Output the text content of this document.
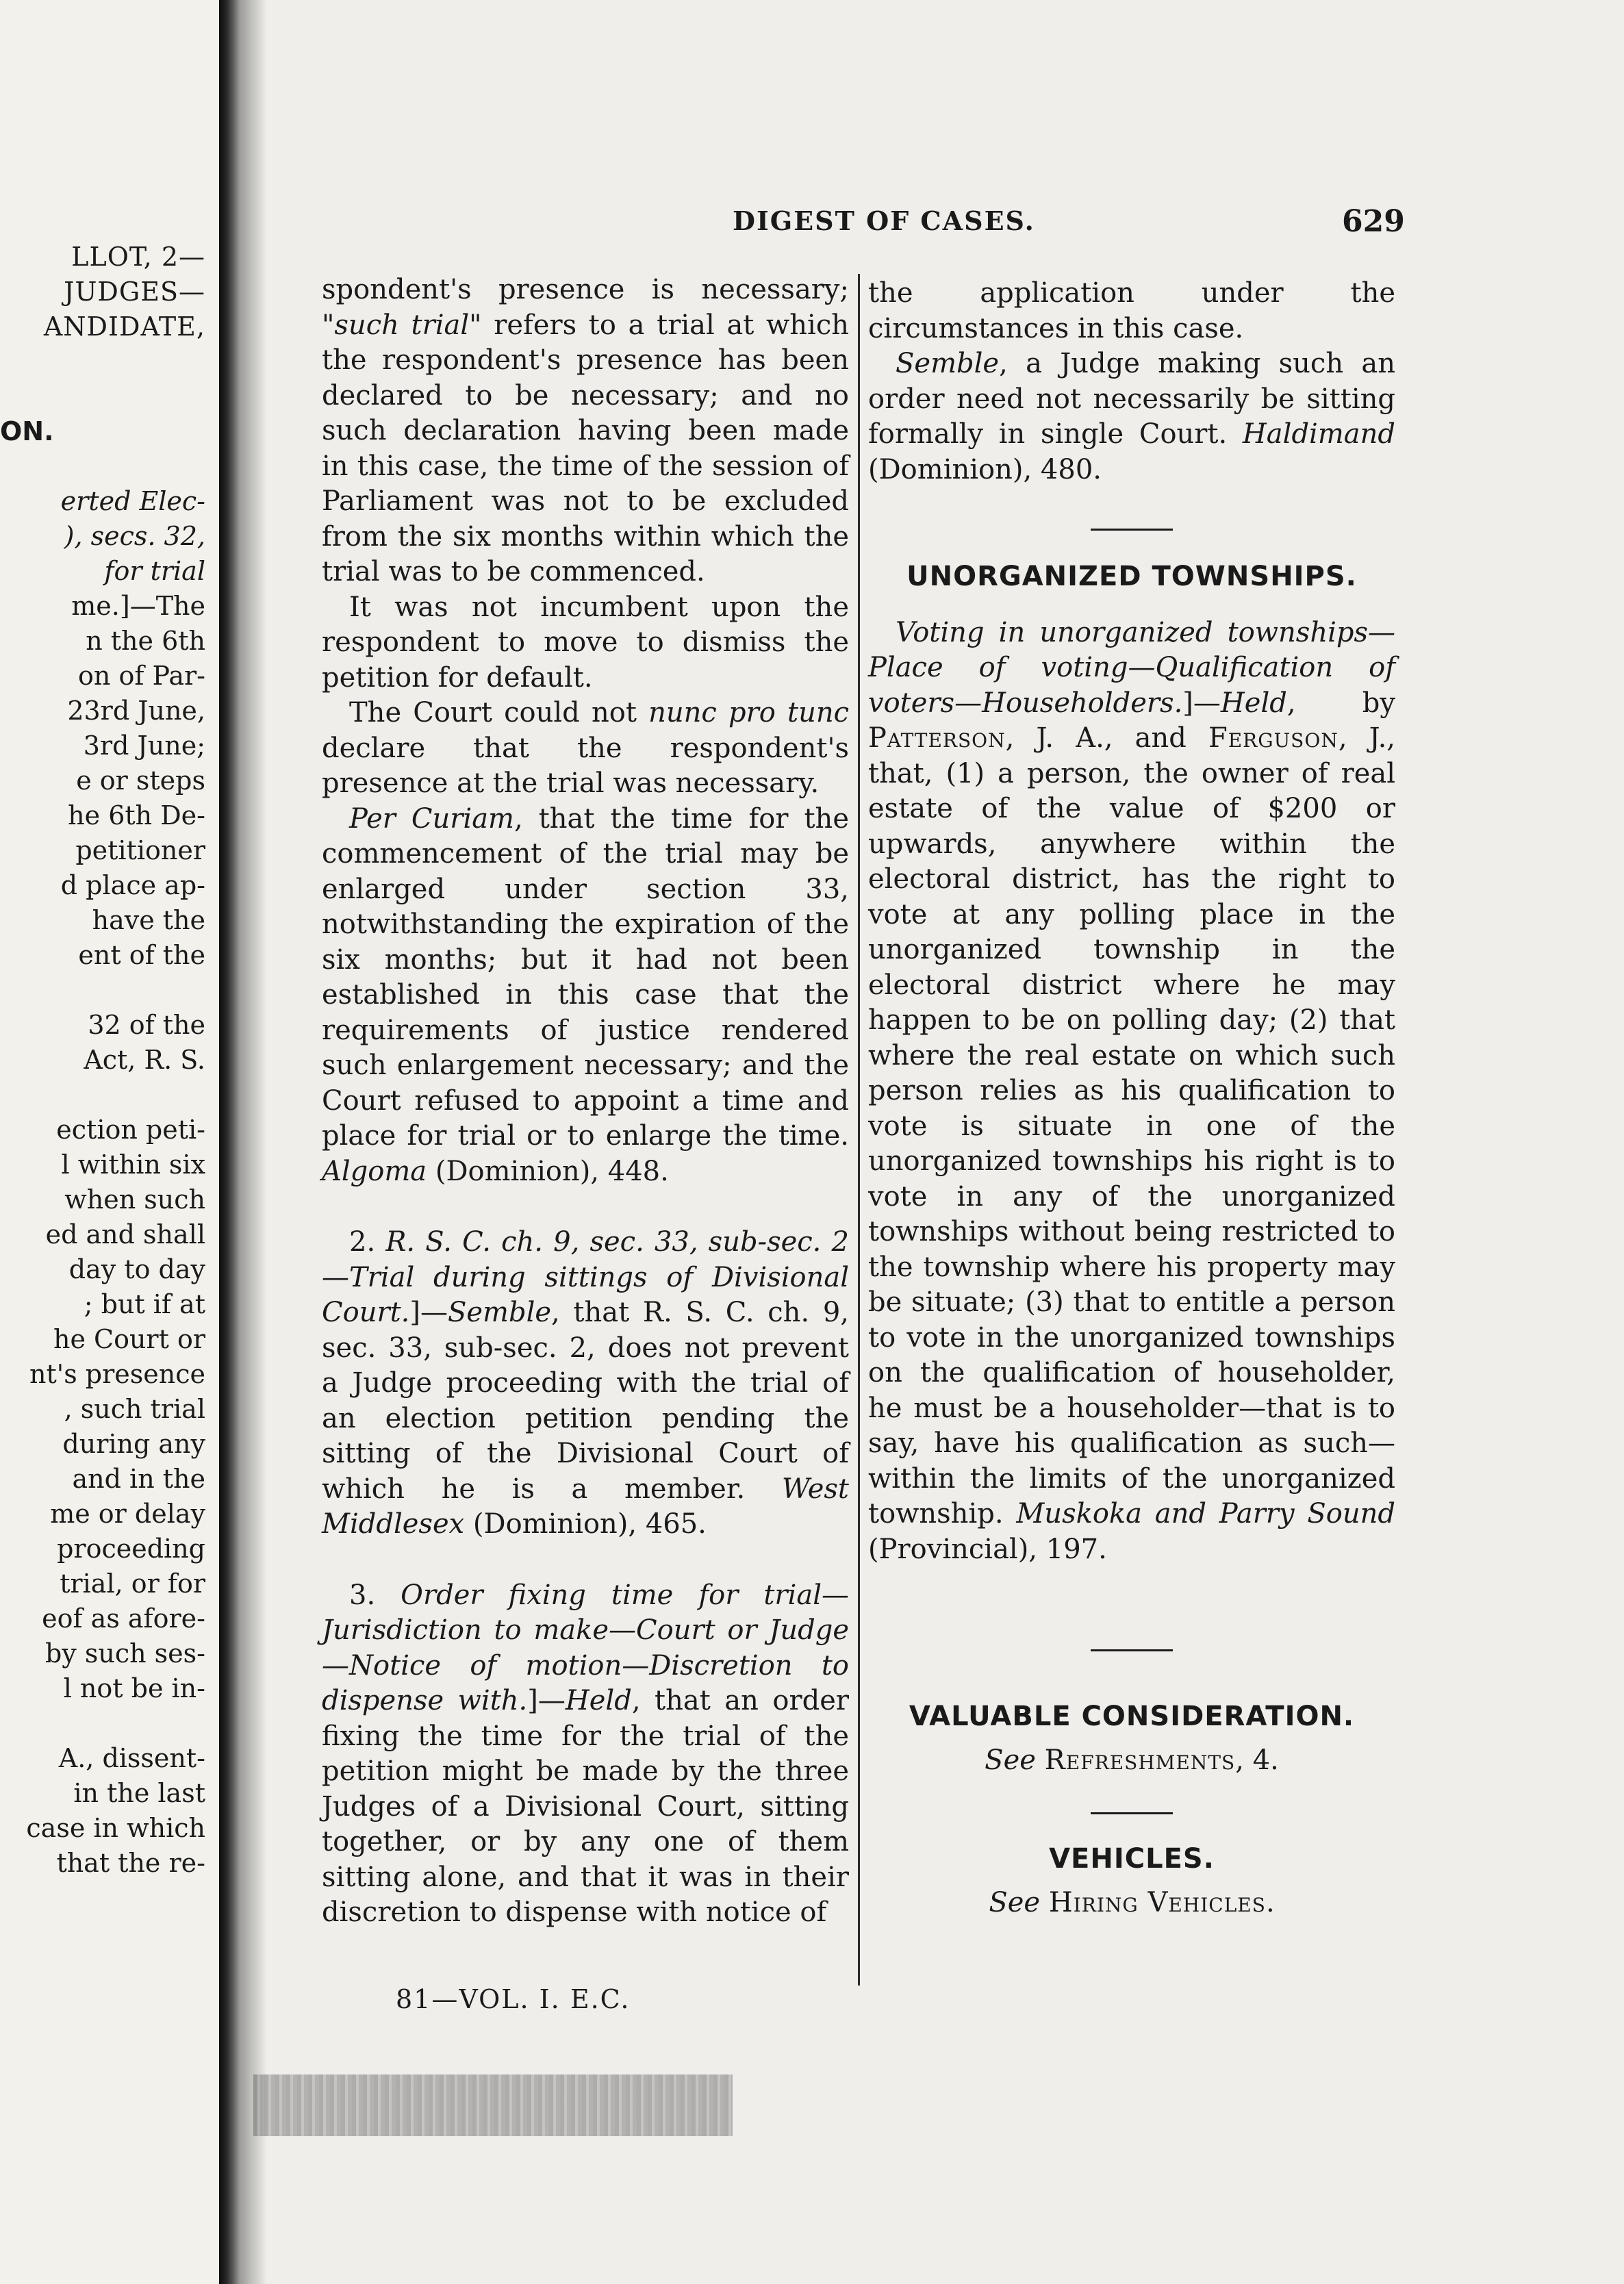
LLOT, 2—
JUDGES—
ANDIDATE,

ON.

erted Elec-
), secs. 32,
for trial
me.]—The
n the 6th
on of Par-
23rd June,
3rd June;
e or steps
he 6th De-
petitioner
d place ap-
have the
ent of the

32 of the
Act, R. S.

ection peti-
l within six
when such
ed and shall
day to day
; but if at
he Court or
nt's presence
, such trial
during any
and in the
me or delay
proceeding
trial, or for
eof as afore-
by such ses-
l not be in-

A., dissent-
in the last
case in which
that the re-
DIGEST OF CASES.	629

spondent's presence is necessary; "such trial" refers to a trial at which the respondent's presence has been declared to be necessary; and no such declaration having been made in this case, the time of the session of Parliament was not to be excluded from the six months within which the trial was to be commenced.

It was not incumbent upon the respondent to move to dismiss the petition for default.

The Court could not nunc pro tunc declare that the respondent's presence at the trial was necessary.

Per Curiam, that the time for the commencement of the trial may be enlarged under section 33, notwithstanding the expiration of the six months; but it had not been established in this case that the requirements of justice rendered such enlargement necessary; and the Court refused to appoint a time and place for trial or to enlarge the time. Algoma (Dominion), 448.

2. R. S. C. ch. 9, sec. 33, sub-sec. 2—Trial during sittings of Divisional Court.]—Semble, that R. S. C. ch. 9, sec. 33, sub-sec. 2, does not prevent a Judge proceeding with the trial of an election petition pending the sitting of the Divisional Court of which he is a member. West Middlesex (Dominion), 465.

3. Order fixing time for trial—Jurisdiction to make—Court or Judge—Notice of motion—Discretion to dispense with.]—Held, that an order fixing the time for the trial of the petition might be made by the three Judges of a Divisional Court, sitting together, or by any one of them sitting alone, and that it was in their discretion to dispense with notice of

81—VOL. I. E.C.

the application under the circumstances in this case.

Semble, a Judge making such an order need not necessarily be sitting formally in single Court. Haldimand (Dominion), 480.

UNORGANIZED TOWNSHIPS.

Voting in unorganized townships—Place of voting—Qualification of voters—Householders.]—Held, by Patterson, J. A., and Ferguson, J., that, (1) a person, the owner of real estate of the value of $200 or upwards, anywhere within the electoral district, has the right to vote at any polling place in the unorganized township in the electoral district where he may happen to be on polling day; (2) that where the real estate on which such person relies as his qualification to vote is situate in one of the unorganized townships his right is to vote in any of the unorganized townships without being restricted to the township where his property may be situate; (3) that to entitle a person to vote in the unorganized townships on the qualification of householder, he must be a householder—that is to say, have his qualification as such—within the limits of the unorganized township. Muskoka and Parry Sound (Provincial), 197.

VALUABLE CONSIDERATION.

See Refreshments, 4.

VEHICLES.

See Hiring Vehicles.
